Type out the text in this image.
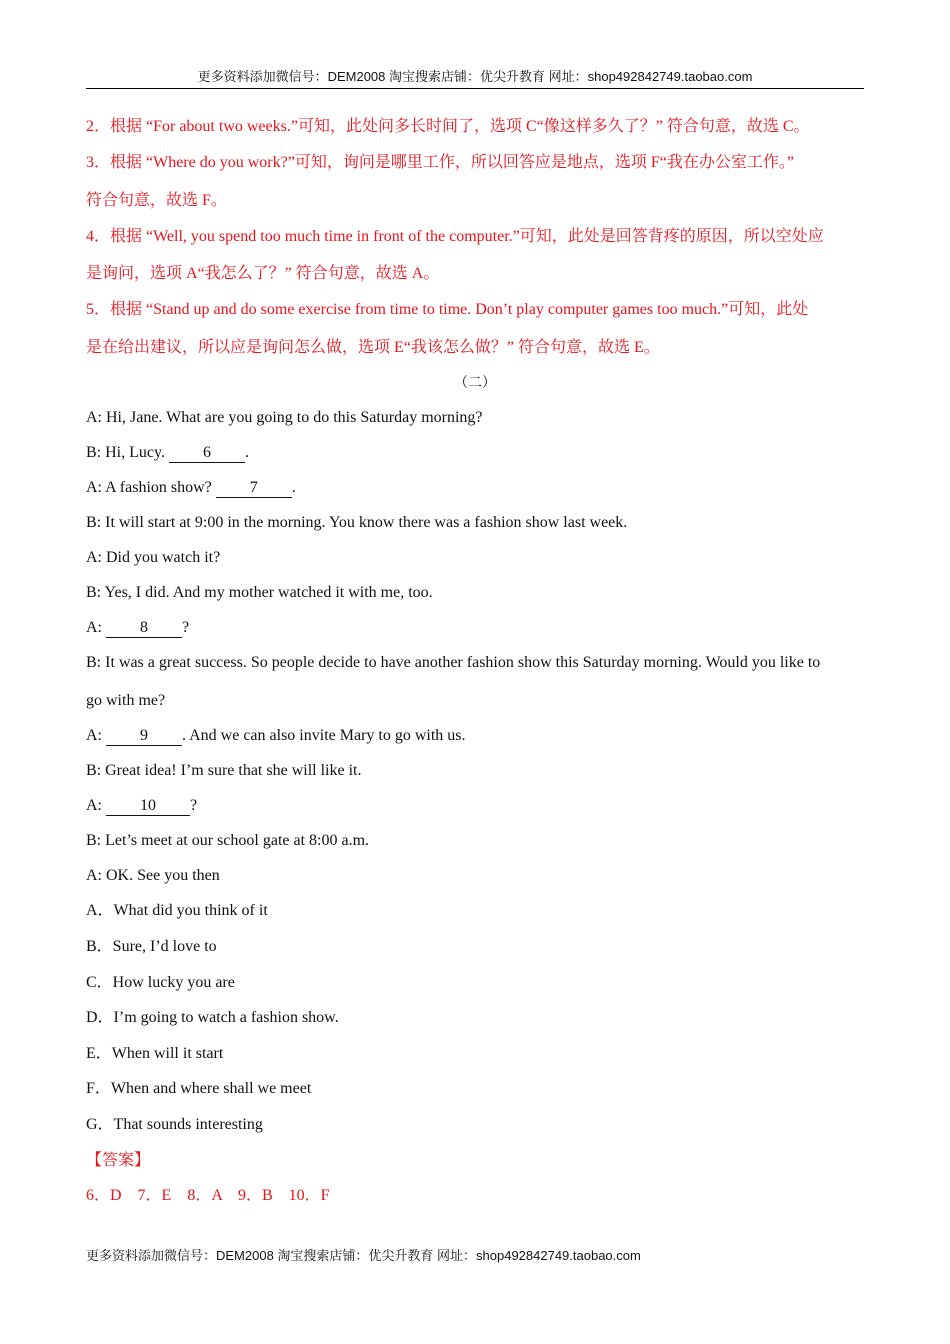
更多资料添加微信号：DEM2008 淘宝搜索店铺：优尖升教育 网址：shop492842749.taobao.com
2．根据 “For about two weeks.”可知，此处问多长时间了，选项 C“像这样多久了？” 符合句意，故选 C。
3．根据 “Where do you work?”可知，询问是哪里工作，所以回答应是地点，选项 F“我在办公室工作。”
符合句意，故选 F。
4．根据 “Well, you spend too much time in front of the computer.”可知，此处是回答背疼的原因，所以空处应
是询问，选项 A“我怎么了？” 符合句意，故选 A。
5．根据 “Stand up and do some exercise from time to time. Don’t play computer games too much.”可知，此处
是在给出建议，所以应是询问怎么做，选项 E“我该怎么做？” 符合句意，故选 E。
（二）
A: Hi, Jane. What are you going to do this Saturday morning?
B: Hi, Lucy. 6 .
A: A fashion show? 7 .
B: It will start at 9:00 in the morning. You know there was a fashion show last week.
A: Did you watch it?
B: Yes, I did. And my mother watched it with me, too.
A: 8 ?
B: It was a great success. So people decide to have another fashion show this Saturday morning. Would you like to
go with me?
A: 9 . And we can also invite Mary to go with us.
B: Great idea! I’m sure that she will like it.
A: 10 ?
B: Let’s meet at our school gate at 8:00 a.m.
A: OK. See you then
A．What did you think of it
B．Sure, I’d love to
C．How lucky you are
D．I’m going to watch a fashion show.
E．When will it start
F．When and where shall we meet
G．That sounds interesting
【答案】
6．D　7．E　8．A　9．B　10．F
更多资料添加微信号：DEM2008 淘宝搜索店铺：优尖升教育 网址：shop492842749.taobao.com
